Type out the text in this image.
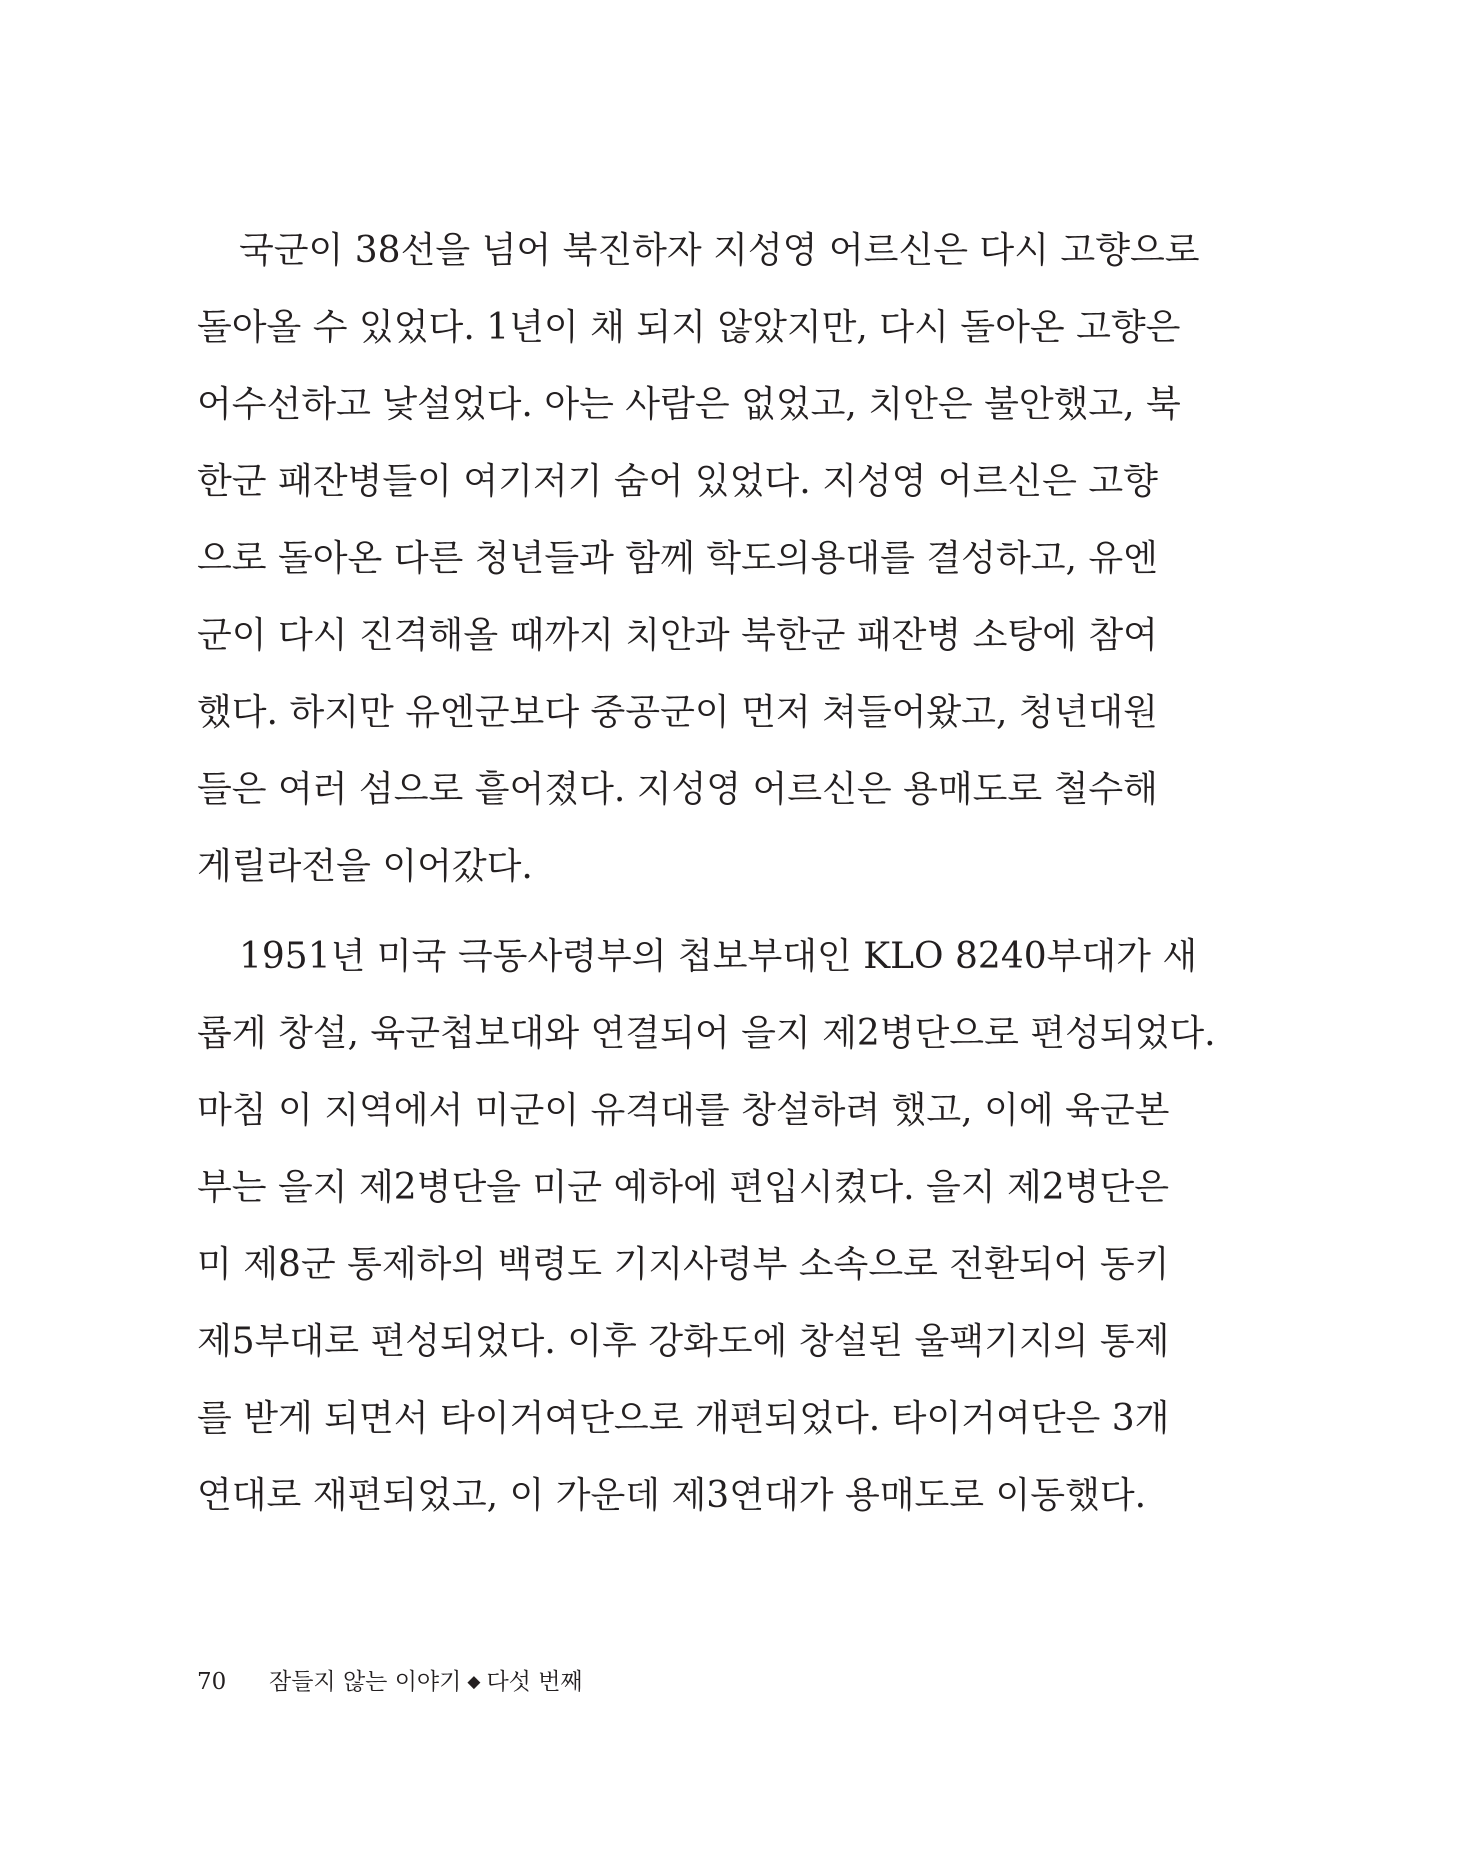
국군이 38선을 넘어 북진하자 지성영 어르신은 다시 고향으로
돌아올 수 있었다. 1년이 채 되지 않았지만, 다시 돌아온 고향은
어수선하고 낯설었다. 아는 사람은 없었고, 치안은 불안했고, 북
한군 패잔병들이 여기저기 숨어 있었다. 지성영 어르신은 고향
으로 돌아온 다른 청년들과 함께 학도의용대를 결성하고, 유엔
군이 다시 진격해올 때까지 치안과 북한군 패잔병 소탕에 참여
했다. 하지만 유엔군보다 중공군이 먼저 쳐들어왔고, 청년대원
들은 여러 섬으로 흩어졌다. 지성영 어르신은 용매도로 철수해
게릴라전을 이어갔다.
1951년 미국 극동사령부의 첩보부대인 KLO 8240부대가 새
롭게 창설, 육군첩보대와 연결되어 을지 제2병단으로 편성되었다.
마침 이 지역에서 미군이 유격대를 창설하려 했고, 이에 육군본
부는 을지 제2병단을 미군 예하에 편입시켰다. 을지 제2병단은
미 제8군 통제하의 백령도 기지사령부 소속으로 전환되어 동키
제5부대로 편성되었다. 이후 강화도에 창설된 울팩기지의 통제
를 받게 되면서 타이거여단으로 개편되었다. 타이거여단은 3개
연대로 재편되었고, 이 가운데 제3연대가 용매도로 이동했다.
70 잠들지 않는 이야기 ◆ 다섯 번째
